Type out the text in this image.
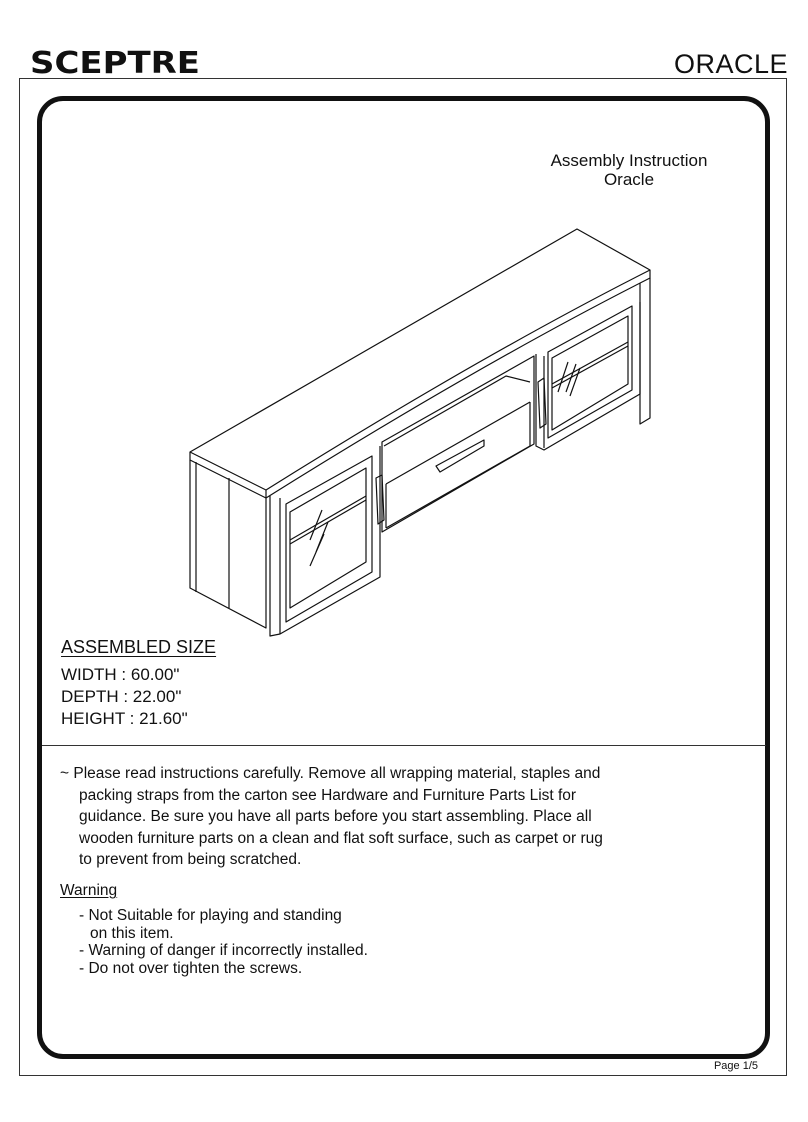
SCEPTRE	ORACLE
Assembly Instruction
Oracle
ASSEMBLED SIZE
WIDTH : 60.00"
DEPTH : 22.00"
HEIGHT : 21.60"
~ Please read instructions carefully. Remove all wrapping material, staples and
packing straps from the carton see Hardware and Furniture Parts List for
guidance. Be sure you have all parts before you start assembling. Place all
wooden furniture parts on a clean and flat soft surface, such as carpet or rug
to prevent from being scratched.
Warning
- Not Suitable for playing and standing
on this item.
- Warning of danger if incorrectly installed.
- Do not over tighten the screws.
Page 1/5
